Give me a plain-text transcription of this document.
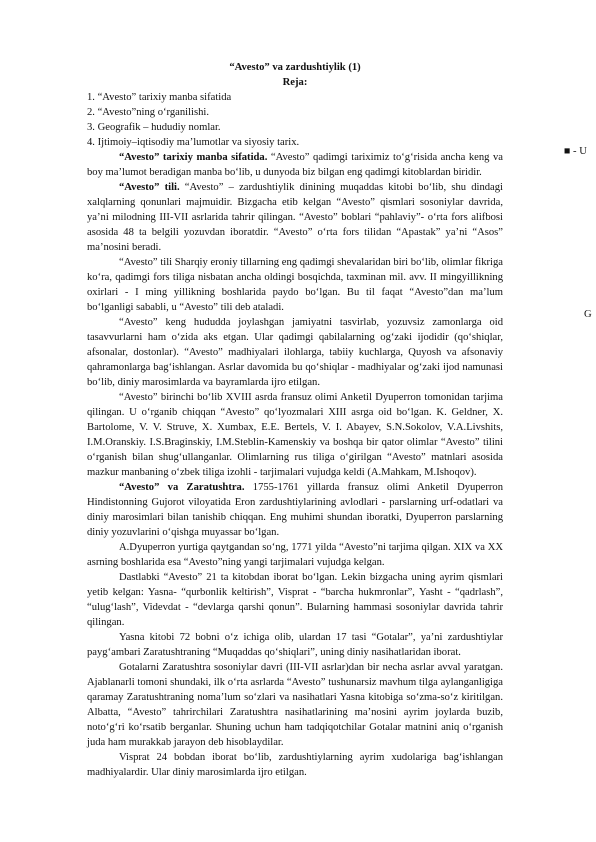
“Avesto” va zardushtiylik (1)

Reja:

1. “Avesto” tarixiy manba sifatida

2. “Avesto”ning o‘rganilishi.

3. Geografik – hududiy nomlar.

4. Ijtimoiy–iqtisodiy ma’lumotlar va siyosiy tarix.

“Avesto” tarixiy manba sifatida. “Avesto” qadimgi tariximiz to‘g‘risida ancha keng va boy ma’lumot beradigan manba bo‘lib, u dunyoda biz bilgan eng qadimgi kitoblardan biridir.

“Avesto” tili. “Avesto” – zardushtiylik dinining muqaddas kitobi bo‘lib, shu dindagi xalqlarning qonunlari majmuidir. Bizgacha etib kelgan “Avesto” qismlari sosoniylar davrida, ya’ni milodning III-VII asrlarida tahrir qilingan. “Avesto” boblari “pahlaviy”- o‘rta fors alifbosi asosida 48 ta belgili yozuvdan iboratdir. “Avesto” o‘rta fors tilidan “Apastak” ya’ni “Asos” ma’nosini beradi.

“Avesto” tili Sharqiy eroniy tillarning eng qadimgi shevalaridan biri bo‘lib, olimlar fikriga ko‘ra, qadimgi fors tiliga nisbatan ancha oldingi bosqichda, taxminan mil. avv. II mingyillikning oxirlari - I ming yillikning boshlarida paydo bo‘lgan. Bu til faqat “Avesto”dan ma’lum bo‘lganligi sababli, u “Avesto” tili deb ataladi.

“Avesto” keng hududda joylashgan jamiyatni tasvirlab, yozuvsiz zamonlarga oid tasavvurlarni ham o‘zida aks etgan. Ular qadimgi qabilalarning og‘zaki ijodidir (qo‘shiqlar, afsonalar, dostonlar). “Avesto” madhiyalari ilohlarga, tabiiy kuchlarga, Quyosh va afsonaviy qahramonlarga bag‘ishlangan. Asrlar davomida bu qo‘shiqlar - madhiyalar og‘zaki ijod namunasi bo‘lib, diniy marosimlarda va bayramlarda ijro etilgan.

“Avesto” birinchi bo‘lib XVIII asrda fransuz olimi Anketil Dyuperron tomonidan tarjima qilingan. U o‘rganib chiqqan “Avesto” qo‘lyozmalari XIII asrga oid bo‘lgan. K. Geldner, X. Bartolome, V. V. Struve, X. Xumbax, E.E. Bertels, V. I. Abayev, S.N.Sokolov, V.A.Livshits, I.M.Oranskiy. I.S.Braginskiy, I.M.Steblin-Kamenskiy va boshqa bir qator olimlar “Avesto” tilini o‘rganish bilan shug‘ullanganlar. Olimlarning rus tiliga o‘girilgan “Avesto” matnlari asosida mazkur manbaning o‘zbek tiliga izohli - tarjimalari vujudga keldi (A.Mahkam, M.Ishoqov).

“Avesto” va Zaratushtra. 1755-1761 yillarda fransuz olimi Anketil Dyuperron Hindistonning Gujorot viloyatida Eron zardushtiylarining avlodlari - parslarning urf-odatlari va diniy marosimlari bilan tanishib chiqqan. Eng muhimi shundan iboratki, Dyuperron parslarning diniy yozuvlarini o‘qishga muyassar bo‘lgan.

A.Dyuperron yurtiga qaytgandan so‘ng, 1771 yilda “Avesto”ni tarjima qilgan. XIX va XX asrning boshlarida esa “Avesto”ning yangi tarjimalari vujudga kelgan.

Dastlabki “Avesto” 21 ta kitobdan iborat bo‘lgan. Lekin bizgacha uning ayrim qismlari yetib kelgan: Yasna- “qurbonlik keltirish”, Visprat - “barcha hukmronlar”, Yasht - “qadrlash”, “ulug‘lash”, Videvdat - “devlarga qarshi qonun”. Bularning hammasi sosoniylar davrida tahrir qilingan.

Yasna kitobi 72 bobni o‘z ichiga olib, ulardan 17 tasi “Gotalar”, ya’ni zardushtiylar payg‘ambari Zaratushtraning “Muqaddas qo‘shiqlari”, uning diniy nasihatlaridan iborat.

Gotalarni Zaratushtra sosoniylar davri (III-VII asrlar)dan bir necha asrlar avval yaratgan. Ajablanarli tomoni shundaki, ilk o‘rta asrlarda “Avesto” tushunarsiz mavhum tilga aylanganligiga qaramay Zaratushtraning noma’lum so‘zlari va nasihatlari Yasna kitobiga so‘zma-so‘z kiritilgan. Albatta, “Avesto” tahrirchilari Zaratushtra nasihatlarining ma’nosini ayrim joylarda buzib, noto‘g‘ri ko‘rsatib berganlar. Shuning uchun ham tadqiqotchilar Gotalar matnini aniq o‘rganish juda ham murakkab jarayon deb hisoblaydilar.

Visprat 24 bobdan iborat bo‘lib, zardushtiylarning ayrim xudolariga bag‘ishlangan madhiyalardir. Ular diniy marosimlarda ijro etilgan.

■ - U
G
